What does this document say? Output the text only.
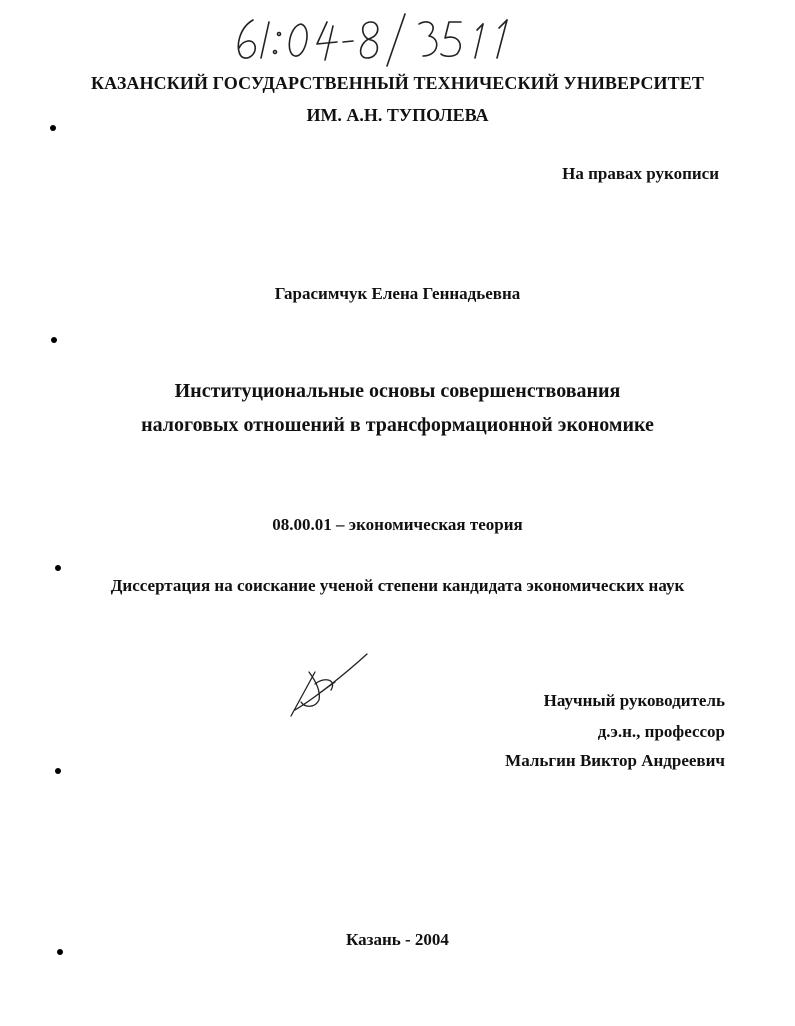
КАЗАНСКИЙ ГОСУДАРСТВЕННЫЙ ТЕХНИЧЕСКИЙ УНИВЕРСИТЕТ

ИМ. А.Н. ТУПОЛЕВА

На правах рукописи

Гарасимчук Елена Геннадьевна

Институциональные основы совершенствования

налоговых отношений в трансформационной экономике

08.00.01 – экономическая теория

Диссертация на соискание ученой степени кандидата экономических наук

Научный руководитель

д.э.н., профессор

Мальгин Виктор Андреевич

Казань - 2004
